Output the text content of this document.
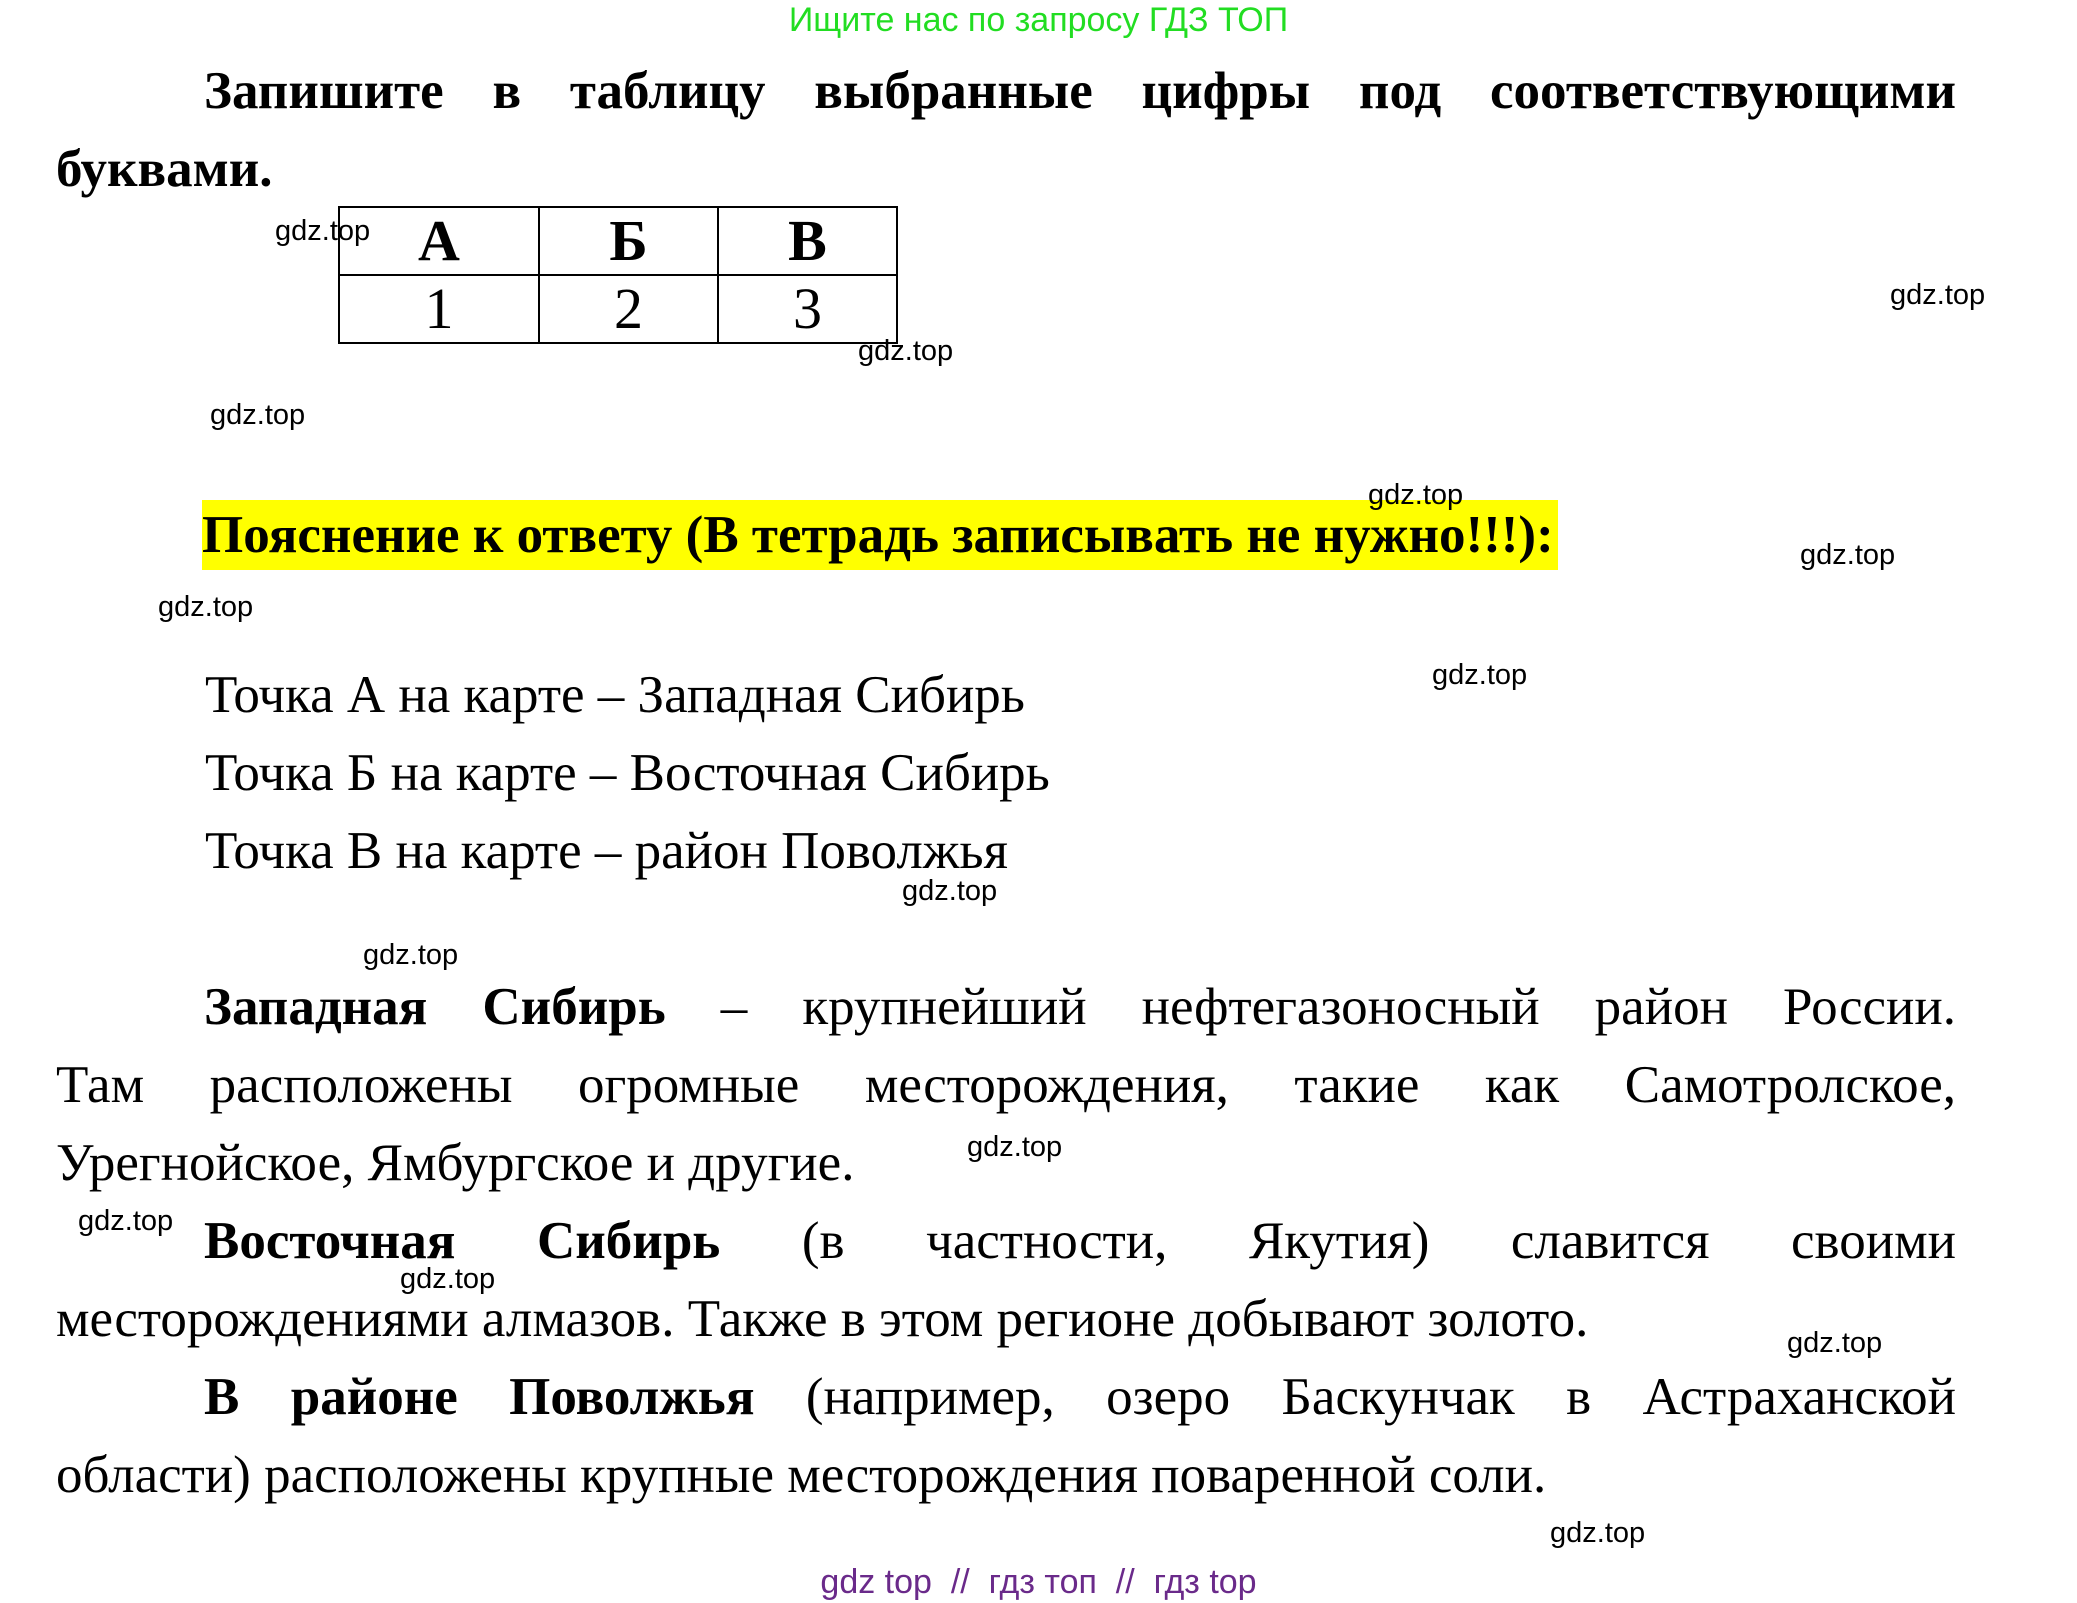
Ищите нас по запросу ГДЗ ТОП
Запишите в таблицу выбранные цифры под соответствующими
буквами.
А	Б	В
1	2	3
Пояснение к ответу (В тетрадь записывать не нужно!!!):
Точка А на карте – Западная Сибирь
Точка Б на карте – Восточная Сибирь
Точка В на карте – район Поволжья
Западная Сибирь – крупнейший нефтегазоносный район России.
Там расположены огромные месторождения, такие как Самотролское,
Урегнойское, Ямбургское и другие.
Восточная Сибирь (в частности, Якутия) славится своими
месторождениями алмазов. Также в этом регионе добывают золото.
В районе Поволжья (например, озеро Баскунчак в Астраханской
области) расположены крупные месторождения поваренной соли.
gdz.top
gdz.top
gdz.top
gdz.top
gdz.top
gdz.top
gdz.top
gdz.top
gdz.top
gdz.top
gdz.top
gdz.top
gdz.top
gdz.top
gdz.top
gdz top  //  гдз топ  //  гдз top
